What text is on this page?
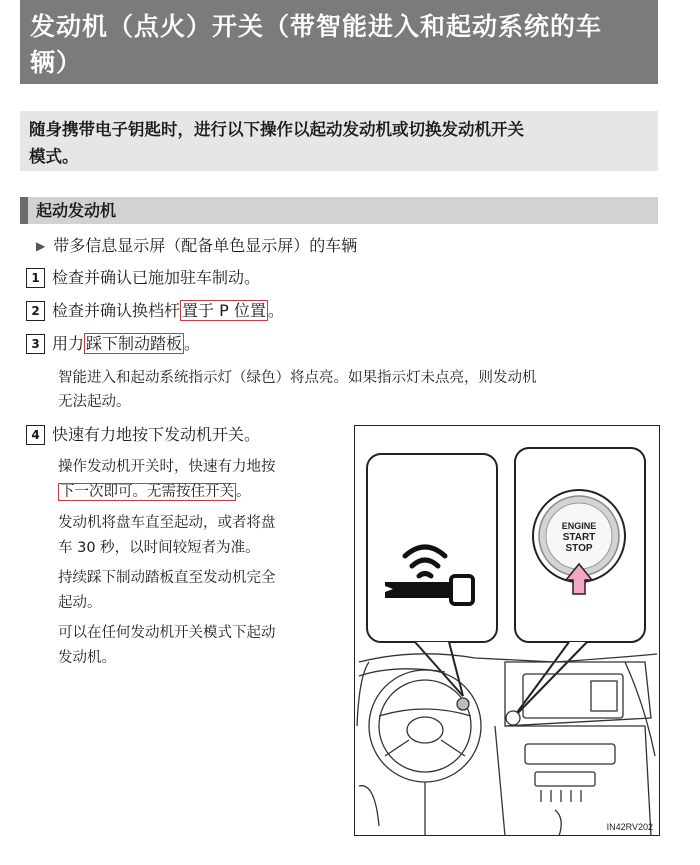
发动机（点火）开关（带智能进入和起动系统的车
辆）
随身携带电子钥匙时，进行以下操作以起动发动机或切换发动机开关
模式。
起动发动机
▶ 带多信息显示屏（配备单色显示屏）的车辆
1 检查并确认已施加驻车制动。
2 检查并确认换档杆 置于 P 位置 。
3 用力 踩下制动踏板 。
智能进入和起动系统指示灯（绿色）将点亮。如果指示灯未点亮，则发动机
无法起动。
4 快速有力地按下发动机开关。
操作发动机开关时，快速有力地按
下一次即可。无需按住开关 。
发动机将盘车直至起动，或者将盘
车 30 秒，以时间较短者为准。
持续踩下制动踏板直至发动机完全
起动。
可以在任何发动机开关模式下起动
发动机。
ENGINE
START
STOP
IN42RV202
